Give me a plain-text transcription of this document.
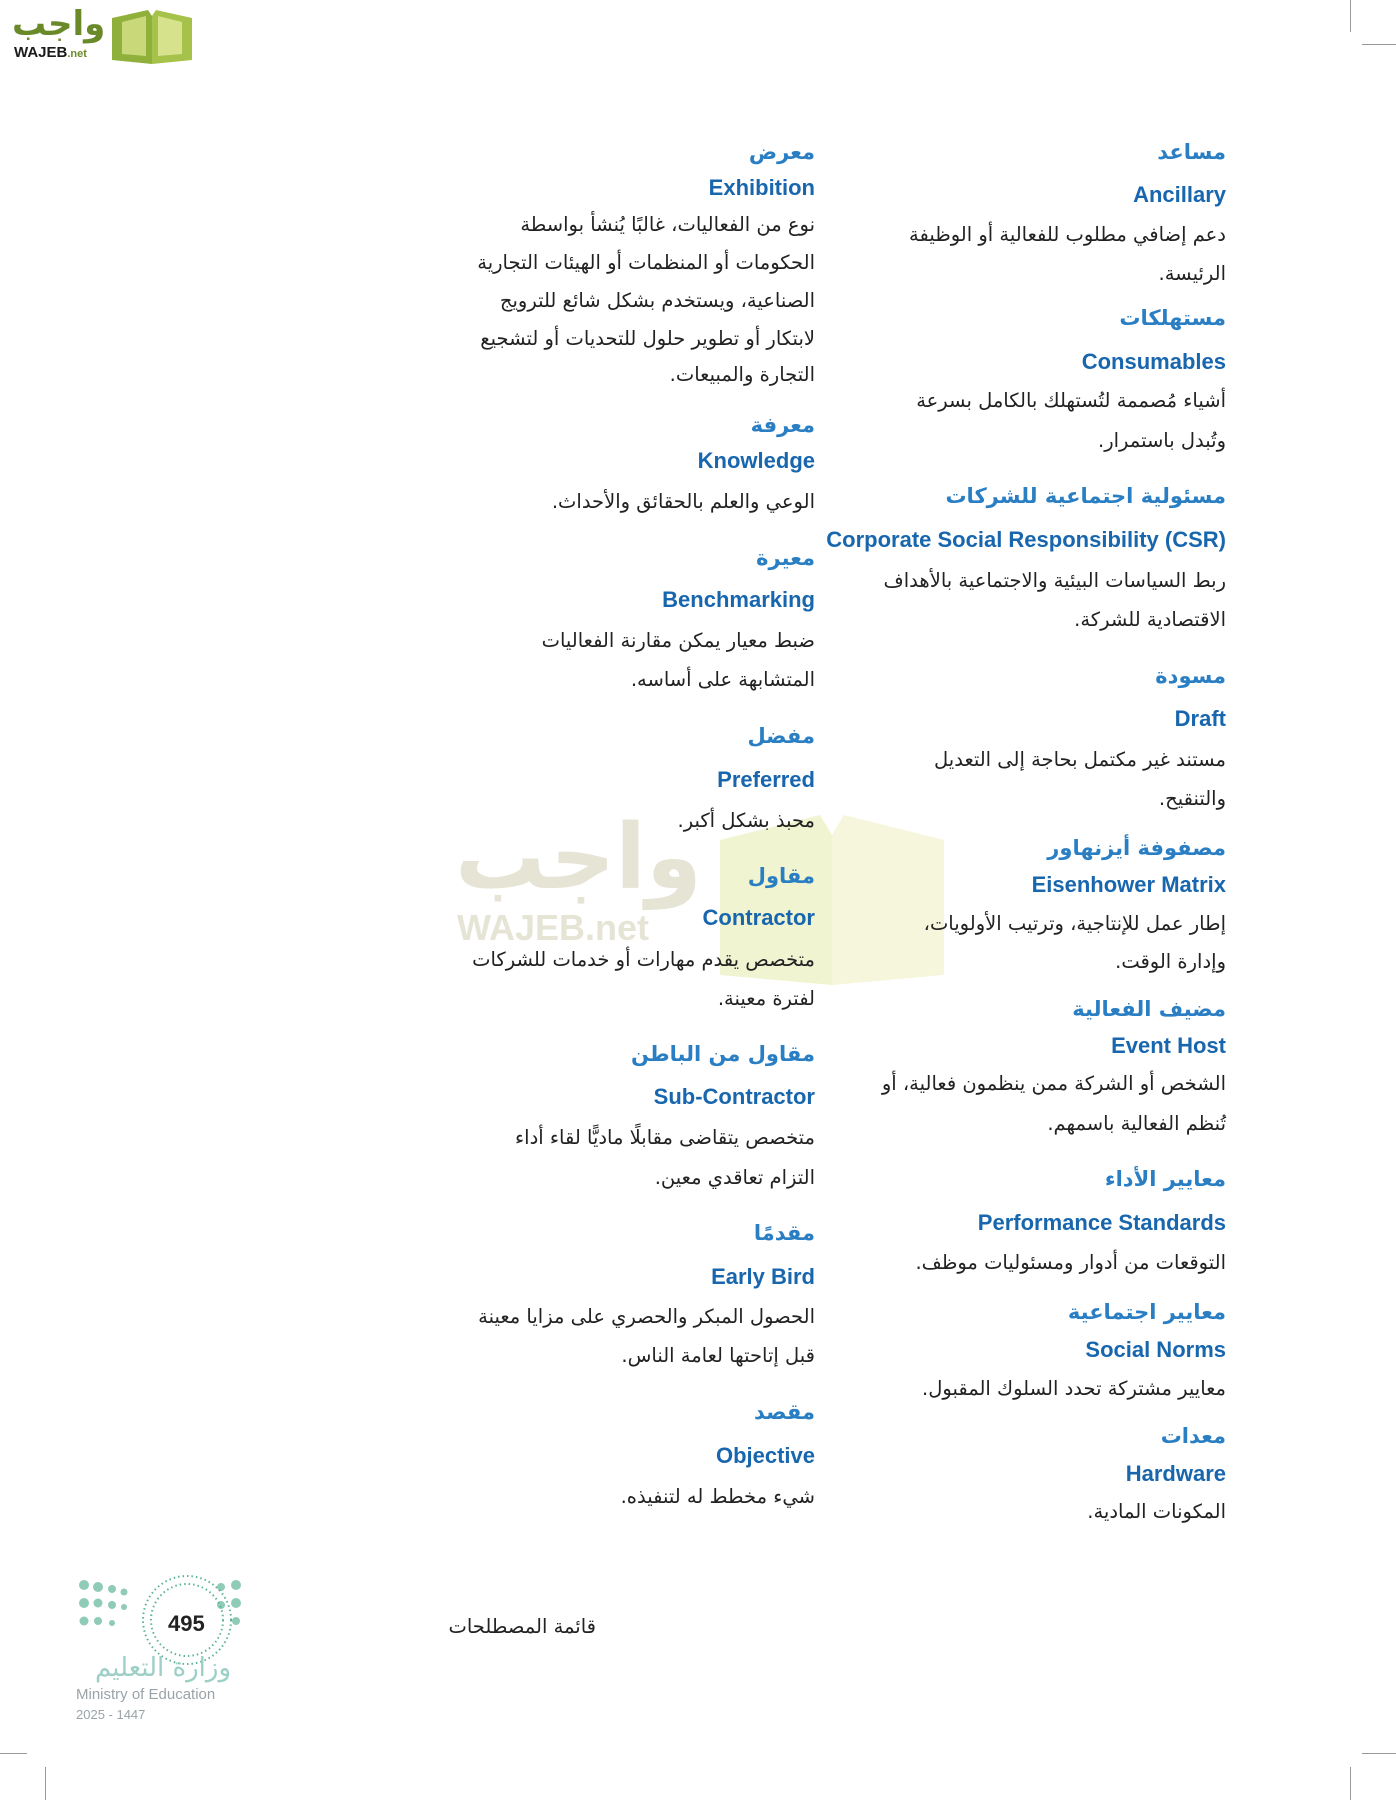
واجب
WAJEB.net
واجب
WAJEB.net
مساعد
Ancillary
دعم إضافي مطلوب للفعالية أو الوظيفة
الرئيسة.
مستهلكات
Consumables
أشياء مُصممة لتُستهلك بالكامل بسرعة
وتُبدل باستمرار.
مسئولية اجتماعية للشركات
Corporate Social Responsibility (CSR)
ربط السياسات البيئية والاجتماعية بالأهداف
الاقتصادية للشركة.
مسودة
Draft
مستند غير مكتمل بحاجة إلى التعديل
والتنقيح.
مصفوفة أيزنهاور
Eisenhower Matrix
إطار عمل للإنتاجية، وترتيب الأولويات،
وإدارة الوقت.
مضيف الفعالية
Event Host
الشخص أو الشركة ممن ينظمون فعالية، أو
تُنظم الفعالية باسمهم.
معايير الأداء
Performance Standards
التوقعات من أدوار ومسئوليات موظف.
معايير اجتماعية
Social Norms
معايير مشتركة تحدد السلوك المقبول.
معدات
Hardware
المكونات المادية.
معرض
Exhibition
نوع من الفعاليات، غالبًا يُنشأ بواسطة
الحكومات أو المنظمات أو الهيئات التجارية
الصناعية، ويستخدم بشكل شائع للترويج
لابتكار أو تطوير حلول للتحديات أو لتشجيع
التجارة والمبيعات.
معرفة
Knowledge
الوعي والعلم بالحقائق والأحداث.
معيرة
Benchmarking
ضبط معيار يمكن مقارنة الفعاليات
المتشابهة على أساسه.
مفضل
Preferred
محبذ بشكل أكبر.
مقاول
Contractor
متخصص يقدم مهارات أو خدمات للشركات
لفترة معينة.
مقاول من الباطن
Sub-Contractor
متخصص يتقاضى مقابلًا ماديًّا لقاء أداء
التزام تعاقدي معين.
مقدمًا
Early Bird
الحصول المبكر والحصري على مزايا معينة
قبل إتاحتها لعامة الناس.
مقصد
Objective
شيء مخطط له لتنفيذه.
495
وزارة التعليم
Ministry of Education
2025 - 1447
قائمة المصطلحات
